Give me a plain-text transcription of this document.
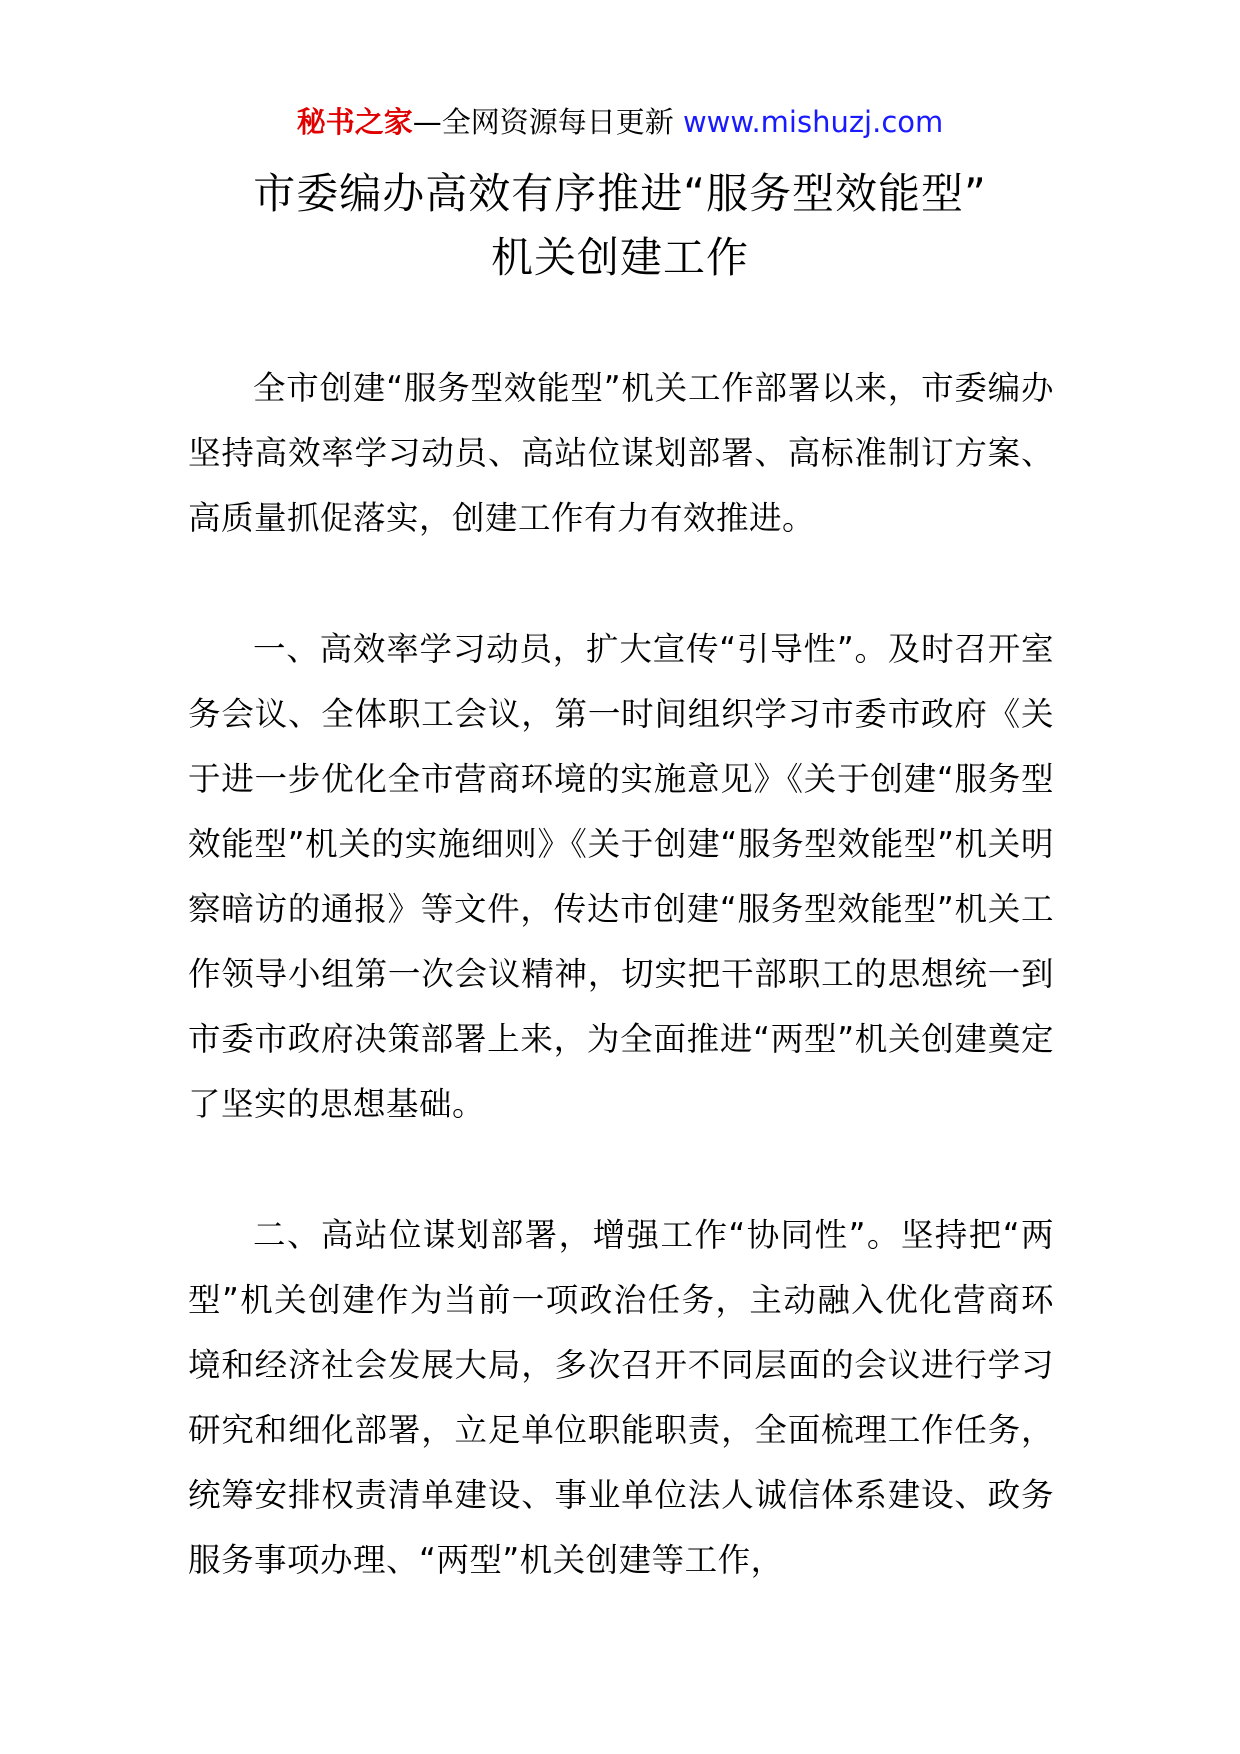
秘书之家—全网资源每日更新 www.mishuzj.com
市委编办高效有序推进“服务型效能型”
机关创建工作

全市创建“服务型效能型”机关工作部署以来，市委编办坚持高效率学习动员、高站位谋划部署、高标准制订方案、高质量抓促落实，创建工作有力有效推进。

一、高效率学习动员，扩大宣传“引导性”。及时召开室务会议、全体职工会议，第一时间组织学习市委市政府《关于进一步优化全市营商环境的实施意见》《关于创建“服务型效能型”机关的实施细则》《关于创建“服务型效能型”机关明察暗访的通报》等文件，传达市创建“服务型效能型”机关工作领导小组第一次会议精神，切实把干部职工的思想统一到市委市政府决策部署上来，为全面推进“两型”机关创建奠定了坚实的思想基础。

二、高站位谋划部署，增强工作“协同性”。坚持把“两型”机关创建作为当前一项政治任务，主动融入优化营商环境和经济社会发展大局，多次召开不同层面的会议进行学习研究和细化部署，立足单位职能职责，全面梳理工作任务，统筹安排权责清单建设、事业单位法人诚信体系建设、政务服务事项办理、“两型”机关创建等工作，
